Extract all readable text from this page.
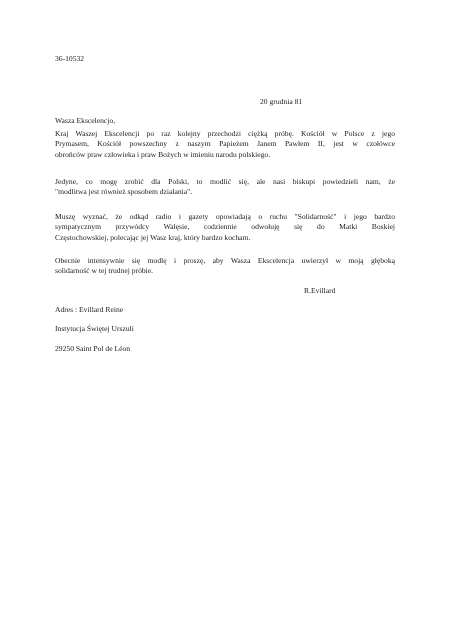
36-10532
20 grudnia 81
Wasza Ekscelencjo,
Kraj Waszej Ekscelencji po raz kolejny przechodzi ciężką próbę. Kościół w Polsce z jego
Prymasem, Kościół powszechny z naszym Papieżem Janem Pawłem II, jest w czołówce
obrońców praw człowieka i praw Bożych w imieniu narodu polskiego.
Jedyne, co mogę zrobić dla Polski, to modlić się, ale nasi biskupi powiedzieli nam, że
"modlitwa jest również sposobem działania".
Muszę wyznać, że odkąd radio i gazety opowiadają o ruchu "Solidarność" i jego bardzo
sympatycznym przywódcy Wałęsie, codziennie odwołuję się do Matki Boskiej
Częstochowskiej, polecając jej Wasz kraj, który bardzo kocham.
Obecnie intensywnie się modlę i proszę, aby Wasza Ekscelencja uwierzył w moją głęboką
solidarność w tej trudnej próbie.
R.Evillard
Adres : Evillard Reine
Instytucja Świętej Urszuli
29250 Saint Pol de Léon
